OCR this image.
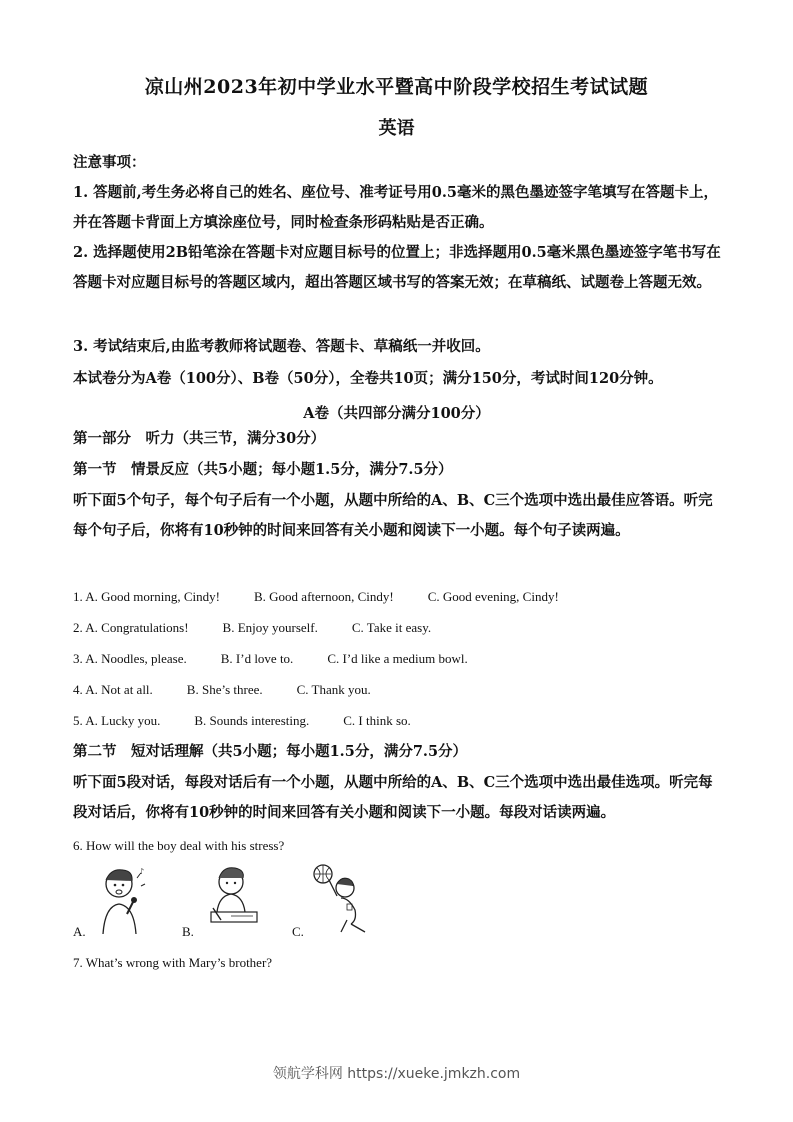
凉山州2023年初中学业水平暨高中阶段学校招生考试试题
英语
注意事项：
1. 答题前,考生务必将自己的姓名、座位号、准考证号用0.5毫米的黑色墨迹签字笔填写在答题卡上，并在答题卡背面上方填涂座位号，同时检查条形码粘贴是否正确。
2. 选择题使用2B铅笔涂在答题卡对应题目标号的位置上；非选择题用0.5毫米黑色墨迹签字笔书写在答题卡对应题目标号的答题区域内，超出答题区域书写的答案无效；在草稿纸、试题卷上答题无效。
3. 考试结束后,由监考教师将试题卷、答题卡、草稿纸一并收回。
本试卷分为A卷（100分）、B卷（50分），全卷共10页；满分150分，考试时间120分钟。
A卷（共四部分满分100分）
第一部分　听力（共三节，满分30分）
第一节　情景反应（共5小题；每小题1.5分，满分7.5分）
听下面5个句子，每个句子后有一个小题，从题中所给的A、B、C三个选项中选出最佳应答语。听完每个句子后，你将有10秒钟的时间来回答有关小题和阅读下一小题。每个句子读两遍。
1. A. Good morning, Cindy!	B. Good afternoon, Cindy!	C. Good evening, Cindy!
2. A. Congratulations!	B. Enjoy yourself.	C. Take it easy.
3. A. Noodles, please.	B. I’d love to.	C. I’d like a medium bowl.
4. A. Not at all.	B. She’s three.	C. Thank you.
5. A. Lucky you.	B. Sounds interesting.	C. I think so.
第二节　短对话理解（共5小题；每小题1.5分，满分7.5分）
听下面5段对话，每段对话后有一个小题，从题中所给的A、B、C三个选项中选出最佳选项。听完每段对话后，你将有10秒钟的时间来回答有关小题和阅读下一小题。每段对话读两遍。
6. How will the boy deal with his stress?
A.
♪
B.	C.
7. What’s wrong with Mary’s brother?
领航学科网 https://xueke.jmkzh.com
